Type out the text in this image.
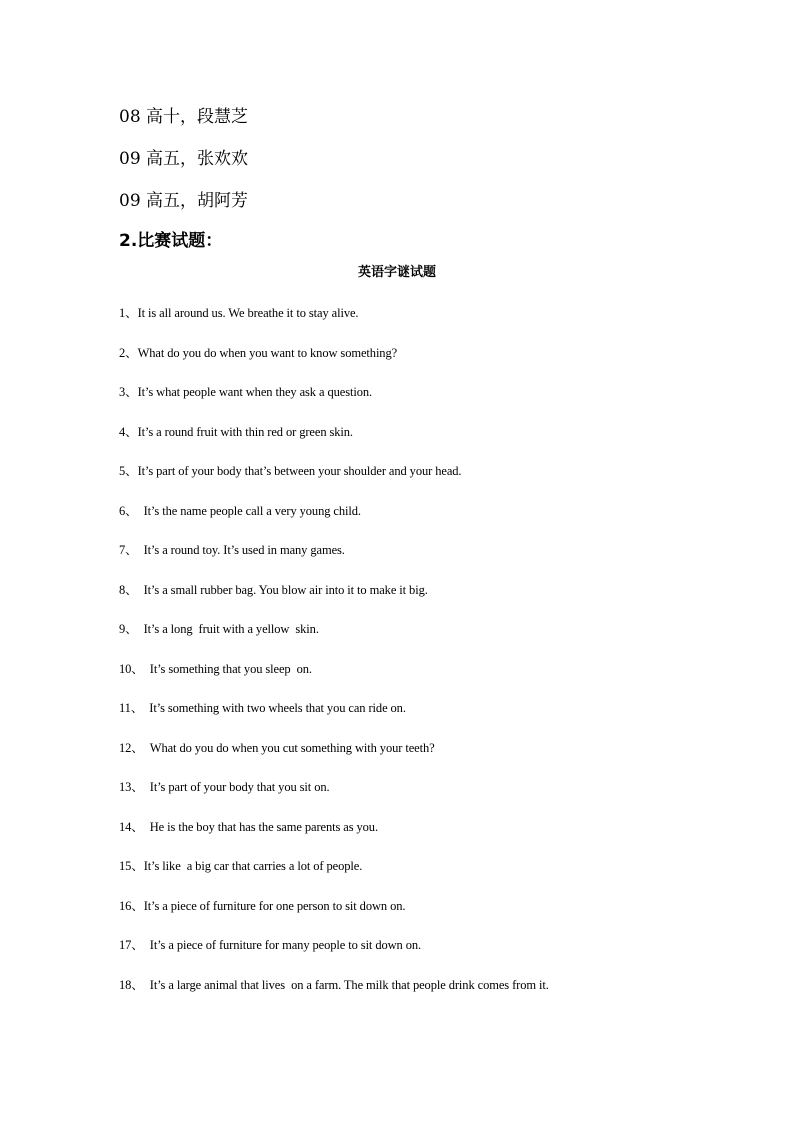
08 高十，段慧芝
09 高五，张欢欢
09 高五，胡阿芳
2.比赛试题：
英语字谜试题
1、It is all around us. We breathe it to stay alive.
2、What do you do when you want to know something?
3、It’s what people want when they ask a question.
4、It’s a round fruit with thin red or green skin.
5、It’s part of your body that’s between your shoulder and your head.
6、  It’s the name people call a very young child.
7、  It’s a round toy. It’s used in many games.
8、  It’s a small rubber bag. You blow air into it to make it big.
9、  It’s a long  fruit with a yellow  skin.
10、  It’s something that you sleep  on.
11、  It’s something with two wheels that you can ride on.
12、  What do you do when you cut something with your teeth?
13、  It’s part of your body that you sit on.
14、  He is the boy that has the same parents as you.
15、It’s like  a big car that carries a lot of people.
16、It’s a piece of furniture for one person to sit down on.
17、  It’s a piece of furniture for many people to sit down on.
18、  It’s a large animal that lives  on a farm. The milk that people drink comes from it.
